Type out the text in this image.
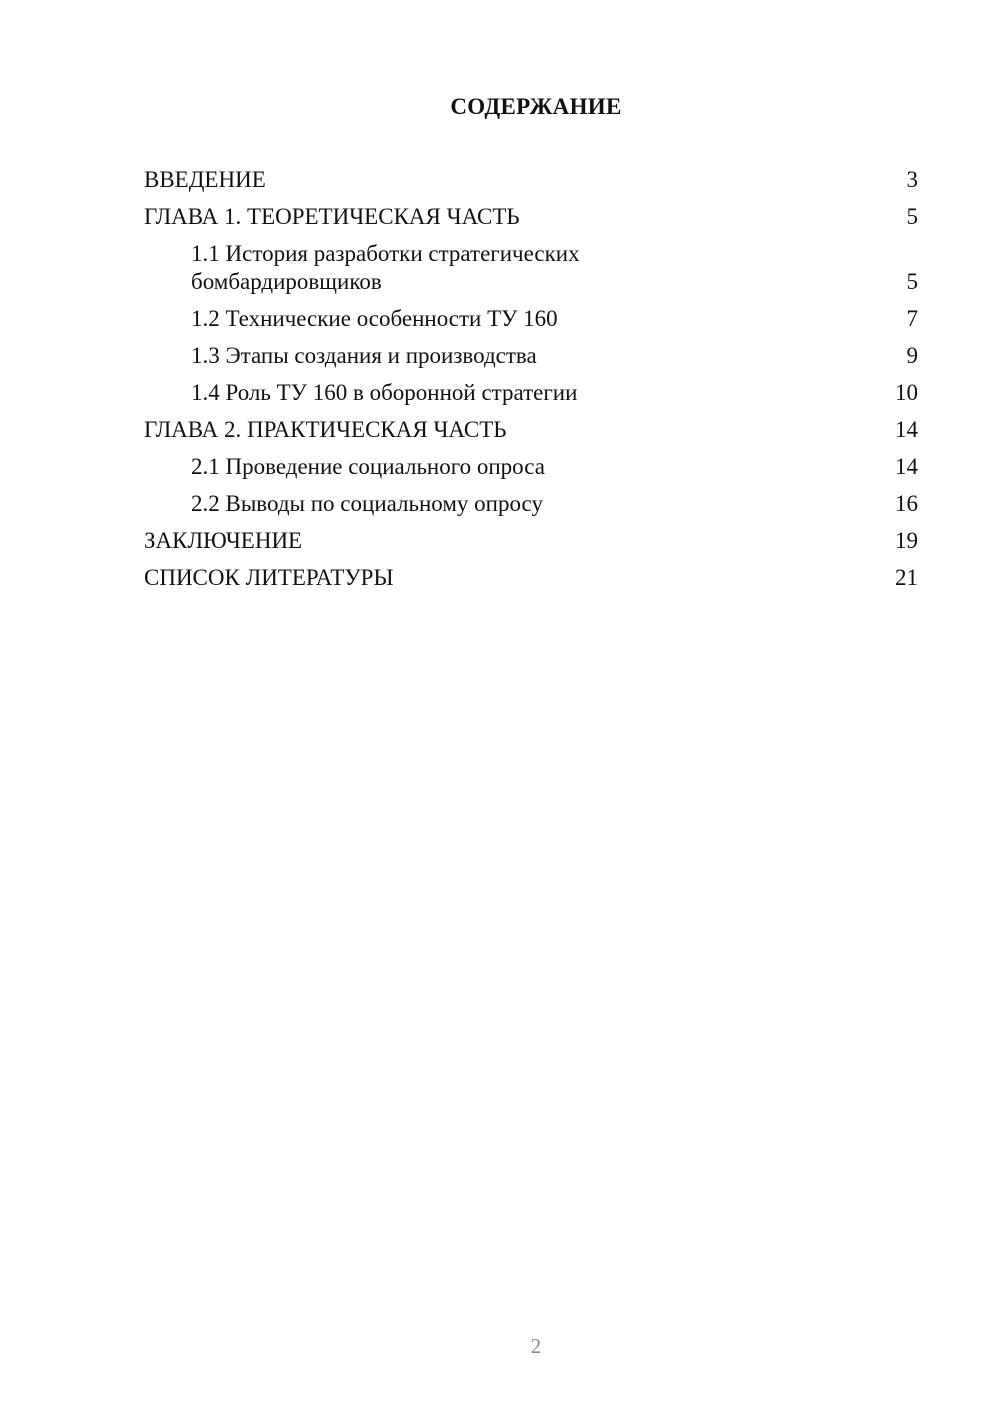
СОДЕРЖАНИЕ
ВВЕДЕНИЕ	3
ГЛАВА 1. ТЕОРЕТИЧЕСКАЯ ЧАСТЬ	5
1.1 История разработки стратегических
бомбардировщиков	5
1.2 Технические особенности ТУ 160	7
1.3 Этапы создания и производства	9
1.4 Роль ТУ 160 в оборонной стратегии	10
ГЛАВА 2. ПРАКТИЧЕСКАЯ ЧАСТЬ	14
2.1 Проведение социального опроса	14
2.2 Выводы по социальному опросу	16
ЗАКЛЮЧЕНИЕ	19
СПИСОК ЛИТЕРАТУРЫ	21
2
